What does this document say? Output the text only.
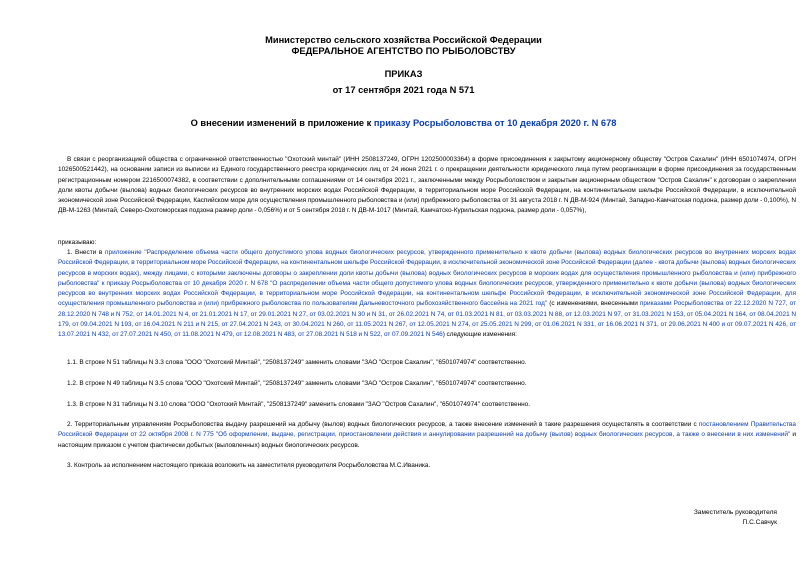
Министерство сельского хозяйства Российской Федерации
ФЕДЕРАЛЬНОЕ АГЕНТСТВО ПО РЫБОЛОВСТВУ
ПРИКАЗ
от 17 сентября 2021 года N 571
О внесении изменений в приложение к приказу Росрыболовства от 10 декабря 2020 г. N 678
В связи с реорганизацией общества с ограниченной ответственностью "Охотский минтай" (ИНН 2508137249, ОГРН 1202500003364) в форме присоединения к закрытому акционерному обществу "Остров Сахалин" (ИНН 6501074974, ОГРН 1026500521442), на основании записи из выписки из Единого государственного реестра юридических лиц от 24 июня 2021 г. о прекращении деятельности юридического лица путем реорганизации в форме присоединения за государственным регистрационным номером 2216500074382, в соответствии с дополнительными соглашениями от 14 сентября 2021 г., заключенными между Росрыболовством и закрытым акционерным обществом "Остров Сахалин" к договорам о закреплении доли квоты добычи (вылова) водных биологических ресурсов во внутренних морских водах Российской Федерации, в территориальном море Российской Федерации, на континентальном шельфе Российской Федерации, в исключительной экономической зоне Российской Федерации, Каспийском море для осуществления промышленного рыболовства и (или) прибрежного рыболовства от 31 августа 2018 г. N ДВ-М-924 (Минтай, Западно-Камчатская подзона, размер доли - 0,100%), N ДВ-М-1263 (Минтай, Северо-Охотоморская подзона размер доли - 0,056%) и от 5 сентября 2018 г. N ДВ-М-1017 (Минтай, Камчатско-Курильская подзона, размер доли - 0,057%),
приказываю:
1. Внести в приложение "Распределение объема части общего допустимого улова водных биологических ресурсов, утвержденного применительно к квоте добычи (вылова) водных биологических ресурсов во внутренних морских водах Российской Федерации, в территориальном море Российской Федерации, на континентальном шельфе Российской Федерации, в исключительной экономической зоне Российской Федерации (далее - квота добычи (вылова) водных биологических ресурсов в морских водах), между лицами, с которыми заключены договоры о закреплении доли квоты добычи (вылова) водных биологических ресурсов в морских водах для осуществления промышленного рыболовства и (или) прибрежного рыболовства" к приказу Росрыболовства от 10 декабря 2020 г. N 678 "О распределении объема части общего допустимого улова водных биологических ресурсов, утвержденного применительно к квоте добычи (вылова) водных биологических ресурсов во внутренних морских водах Российской Федерации, в территориальном море Российской Федерации, на континентальном шельфе Российской Федерации, в исключительной экономической зоне Российской Федерации, для осуществления промышленного рыболовства и (или) прибрежного рыболовства по пользователям Дальневосточного рыбохозяйственного бассейна на 2021 год" (с изменениями, внесенными приказами Росрыболовства от 22.12.2020 N 727, от 28.12.2020 N 748 и N 752, от 14.01.2021 N 4, от 21.01.2021 N 17, от 29.01.2021 N 27, от 03.02.2021 N 30 и N 31, от 26.02.2021 N 74, от 01.03.2021 N 81, от 03.03.2021 N 88, от 12.03.2021 N 97, от 31.03.2021 N 153, от 05.04.2021 N 164, от 08.04.2021 N 179, от 09.04.2021 N 193, от 16.04.2021 N 211 и N 215, от 27.04.2021 N 243, от 30.04.2021 N 260, от 11.05.2021 N 267, от 12.05.2021 N 274, от 25.05.2021 N 299, от 01.06.2021 N 331, от 16.06.2021 N 371, от 29.06.2021 N 400 и от 09.07.2021 N 426, от 13.07.2021 N 432, от 27.07.2021 N 450, от 11.08.2021 N 479, от 12.08.2021 N 483, от 27.08.2021 N 518 и N 522, от 07.09.2021 N 546) следующие изменения:
1.1. В строке N 51 таблицы N 3.3 слова "ООО "Охотский Минтай", "2508137249" заменить словами "ЗАО "Остров Сахалин", "6501074974" соответственно.
1.2. В строке N 49 таблицы N 3.5 слова "ООО "Охотский Минтай", "2508137249" заменить словами "ЗАО "Остров Сахалин", "6501074974" соответственно.
1.3. В строке N 31 таблицы N 3.10 слова "ООО "Охотский Минтай", "2508137249" заменить словами "ЗАО "Остров Сахалин", "6501074974" соответственно.
2. Территориальным управлениям Росрыболовства выдачу разрешений на добычу (вылов) водных биологических ресурсов, а также внесение изменений в такие разрешения осуществлять в соответствии с постановлением Правительства Российской Федерации от 22 октября 2008 г. N 775 "Об оформлении, выдаче, регистрации, приостановлении действия и аннулировании разрешений на добычу (вылов) водных биологических ресурсов, а также о внесении в них изменений" и настоящим приказом с учетом фактически добытых (выловленных) водных биологических ресурсов.
3. Контроль за исполнением настоящего приказа возложить на заместителя руководителя Росрыболовства М.С.Иваника.
Заместитель руководителя
П.С.Савчук
